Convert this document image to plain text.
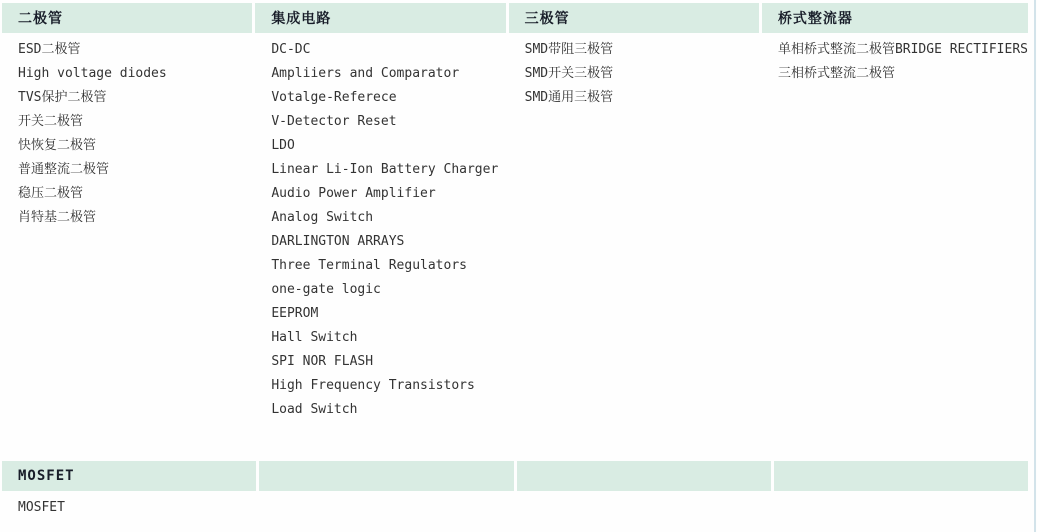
二极管
ESD二极管
High voltage diodes
TVS保护二极管
开关二极管
快恢复二极管
普通整流二极管
稳压二极管
肖特基二极管
集成电路
DC-DC
Ampliiers and Comparator
Votalge-Referece
V-Detector Reset
LDO
Linear Li-Ion Battery Charger
Audio Power Amplifier
Analog Switch
DARLINGTON ARRAYS
Three Terminal Regulators
one-gate logic
EEPROM
Hall Switch
SPI NOR FLASH
High Frequency Transistors
Load Switch
三极管
SMD带阻三极管
SMD开关三极管
SMD通用三极管
桥式整流器
单相桥式整流二极管BRIDGE RECTIFIERS
三相桥式整流二极管
MOSFET
MOSFET
